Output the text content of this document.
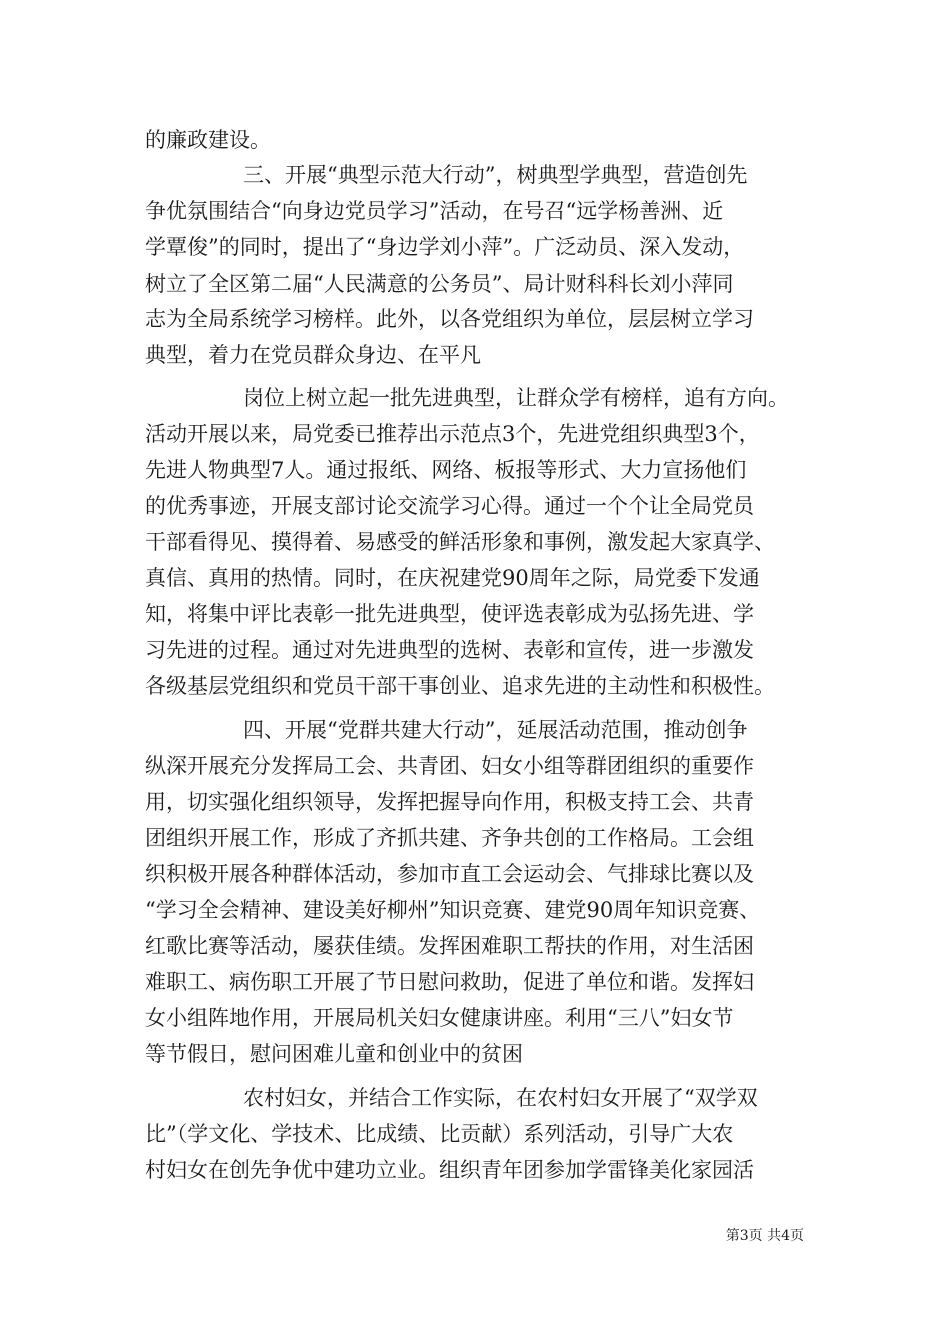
的廉政建设。
三、开展“典型示范大行动”，树典型学典型，营造创先
争优氛围结合“向身边党员学习”活动，在号召“远学杨善洲、近
学覃俊”的同时，提出了“身边学刘小萍”。广泛动员、深入发动，
树立了全区第二届“人民满意的公务员”、局计财科科长刘小萍同
志为全局系统学习榜样。此外，以各党组织为单位，层层树立学习
典型，着力在党员群众身边、在平凡
岗位上树立起一批先进典型，让群众学有榜样，追有方向。
活动开展以来，局党委已推荐出示范点3个，先进党组织典型3个，
先进人物典型7人。通过报纸、网络、板报等形式、大力宣扬他们
的优秀事迹，开展支部讨论交流学习心得。通过一个个让全局党员
干部看得见、摸得着、易感受的鲜活形象和事例，激发起大家真学、
真信、真用的热情。同时，在庆祝建党90周年之际，局党委下发通
知，将集中评比表彰一批先进典型，使评选表彰成为弘扬先进、学
习先进的过程。通过对先进典型的选树、表彰和宣传，进一步激发
各级基层党组织和党员干部干事创业、追求先进的主动性和积极性。
四、开展“党群共建大行动”，延展活动范围，推动创争
纵深开展充分发挥局工会、共青团、妇女小组等群团组织的重要作
用，切实强化组织领导，发挥把握导向作用，积极支持工会、共青
团组织开展工作，形成了齐抓共建、齐争共创的工作格局。工会组
织积极开展各种群体活动，参加市直工会运动会、气排球比赛以及
“学习全会精神、建设美好柳州”知识竞赛、建党90周年知识竞赛、
红歌比赛等活动，屡获佳绩。发挥困难职工帮扶的作用，对生活困
难职工、病伤职工开展了节日慰问救助，促进了单位和谐。发挥妇
女小组阵地作用，开展局机关妇女健康讲座。利用“三八”妇女节
等节假日，慰问困难儿童和创业中的贫困
农村妇女，并结合工作实际，在农村妇女开展了“双学双
比”（学文化、学技术、比成绩、比贡献）系列活动，引导广大农
村妇女在创先争优中建功立业。组织青年团参加学雷锋美化家园活
第3页 共4页
